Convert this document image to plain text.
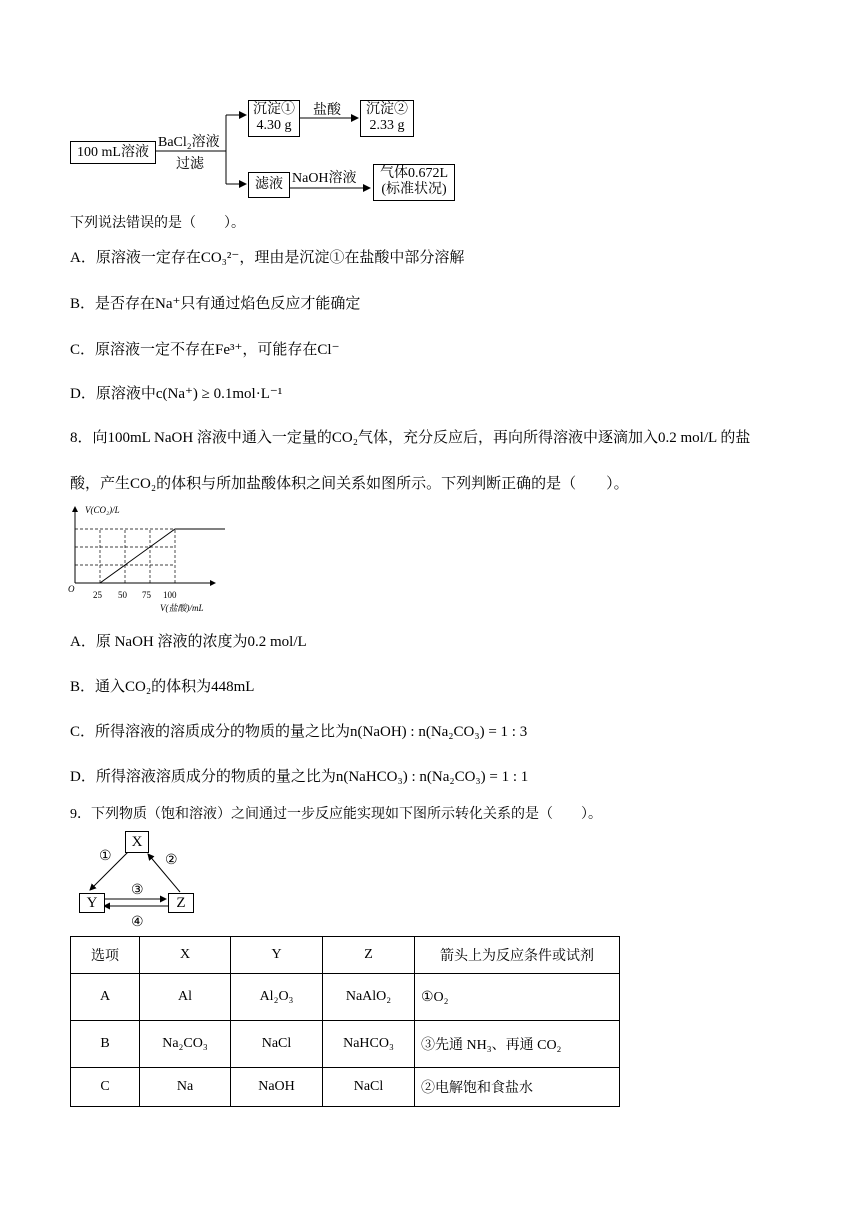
100 mL溶液
BaCl₂溶液
过滤
沉淀①
4.30 g
盐酸	沉淀②
2.33 g
滤液 NaOH溶液	气体0.672L
(标准状况)
下列说法错误的是（　　）。
A．原溶液一定存在CO₃²⁻，理由是沉淀①在盐酸中部分溶解
B．是否存在Na⁺只有通过焰色反应才能确定
C．原溶液一定不存在Fe³⁺，可能存在Cl⁻
D．原溶液中c(Na⁺) ≥ 0.1mol·L⁻¹
8．向100mL NaOH 溶液中通入一定量的CO₂气体，充分反应后，再向所得溶液中逐滴加入0.2 mol/L 的盐
酸，产生CO₂的体积与所加盐酸体积之间关系如图所示。下列判断正确的是（　　）。
V(CO₂)/L
O
25 50 75 100
V(盐酸)/mL
A．原 NaOH 溶液的浓度为0.2 mol/L
B．通入CO₂的体积为448mL
C．所得溶液的溶质成分的物质的量之比为n(NaOH) : n(Na₂CO₃) = 1 : 3
D．所得溶液溶质成分的物质的量之比为n(NaHCO₃) : n(Na₂CO₃) = 1 : 1
9．下列物质（饱和溶液）之间通过一步反应能实现如下图所示转化关系的是（　　）。
X
Y	Z
①	②
③
④
选项	X	Y	Z	箭头上为反应条件或试剂
A	Al	Al₂O₃	NaAlO₂	①O₂
B	Na₂CO₃	NaCl	NaHCO₃	③先通 NH₃、再通 CO₂
C	Na	NaOH	NaCl	②电解饱和食盐水
